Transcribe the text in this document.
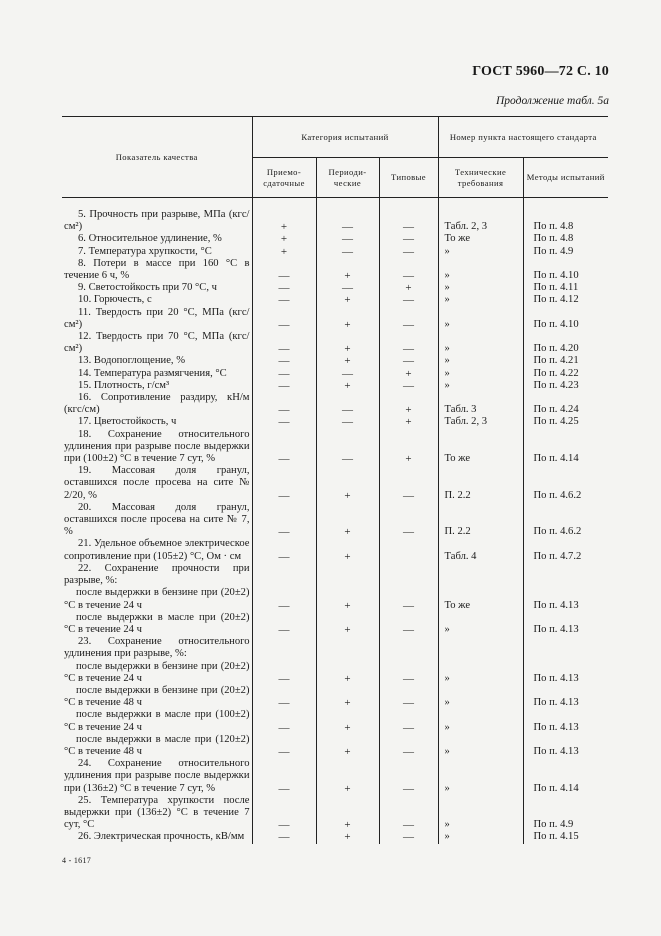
ГОСТ 5960—72 С. 10
Продолжение табл. 5а
Показатель качества	Категория испытаний			Номер пункта настоящего стандарта	
	Приемо-сдаточные	Периоди-ческие	Типовые	Технические требования	Методы испытаний
5. Прочность при разрыве, МПа (кгс/см²)	+	—	—	Табл. 2, 3	По п. 4.8
6. Относительное удлинение, %	+	—	—	То же	По п. 4.8
7. Температура хрупкости, °С	+	—	—	»	По п. 4.9
8. Потери в массе при 160 °С в течение 6 ч, %	—	+	—	»	По п. 4.10
9. Светостойкость при 70 °С, ч	—	—	+	»	По п. 4.11
10. Горючесть, с	—	+	—	»	По п. 4.12
11. Твердость при 20 °С, МПа (кгс/см²)	—	+	—	»	По п. 4.10
12. Твердость при 70 °С, МПа (кгс/см²)	—	+	—	»	По п. 4.20
13. Водопоглощение, %	—	+	—	»	По п. 4.21
14. Температура размягчения, °С	—	—	+	»	По п. 4.22
15. Плотность, г/см³	—	+	—	»	По п. 4.23
16. Сопротивление раздиру, кН/м (кгс/см)	—	—	+	Табл. 3	По п. 4.24
17. Цветостойкость, ч	—	—	+	Табл. 2, 3	По п. 4.25
18. Сохранение относительного удлинения при разрыве после выдержки при (100±2) °С в течение 7 сут, %	—	—	+	То же	По п. 4.14
19. Массовая доля гранул, оставшихся после просева на сите № 2/20, %	—	+	—	П. 2.2	По п. 4.6.2
20. Массовая доля гранул, оставшихся после просева на сите № 7, %	—	+	—	П. 2.2	По п. 4.6.2
21. Удельное объемное электрическое сопротивление при (105±2) °С, Ом · см	—	+		Табл. 4	По п. 4.7.2
22. Сохранение прочности при разрыве, %:					
после выдержки в бензине при (20±2) °С в течение 24 ч	—	+	—	То же	По п. 4.13
после выдержки в масле при (20±2) °С в течение 24 ч	—	+	—	»	По п. 4.13
23. Сохранение относительного удлинения при разрыве, %:					
после выдержки в бензине при (20±2) °С в течение 24 ч	—	+	—	»	По п. 4.13
после выдержки в бензине при (20±2) °С в течение 48 ч	—	+	—	»	По п. 4.13
после выдержки в масле при (100±2) °С в течение 24 ч	—	+	—	»	По п. 4.13
после выдержки в масле при (120±2) °С в течение 48 ч	—	+	—	»	По п. 4.13
24. Сохранение относительного удлинения при разрыве после выдержки при (136±2) °С в течение 7 сут, %	—	+	—	»	По п. 4.14
25. Температура хрупкости после выдержки при (136±2) °С в течение 7 сут, °С	—	+	—	»	По п. 4.9
26. Электрическая прочность, кВ/мм	—	+	—	»	По п. 4.15
4 - 1617
